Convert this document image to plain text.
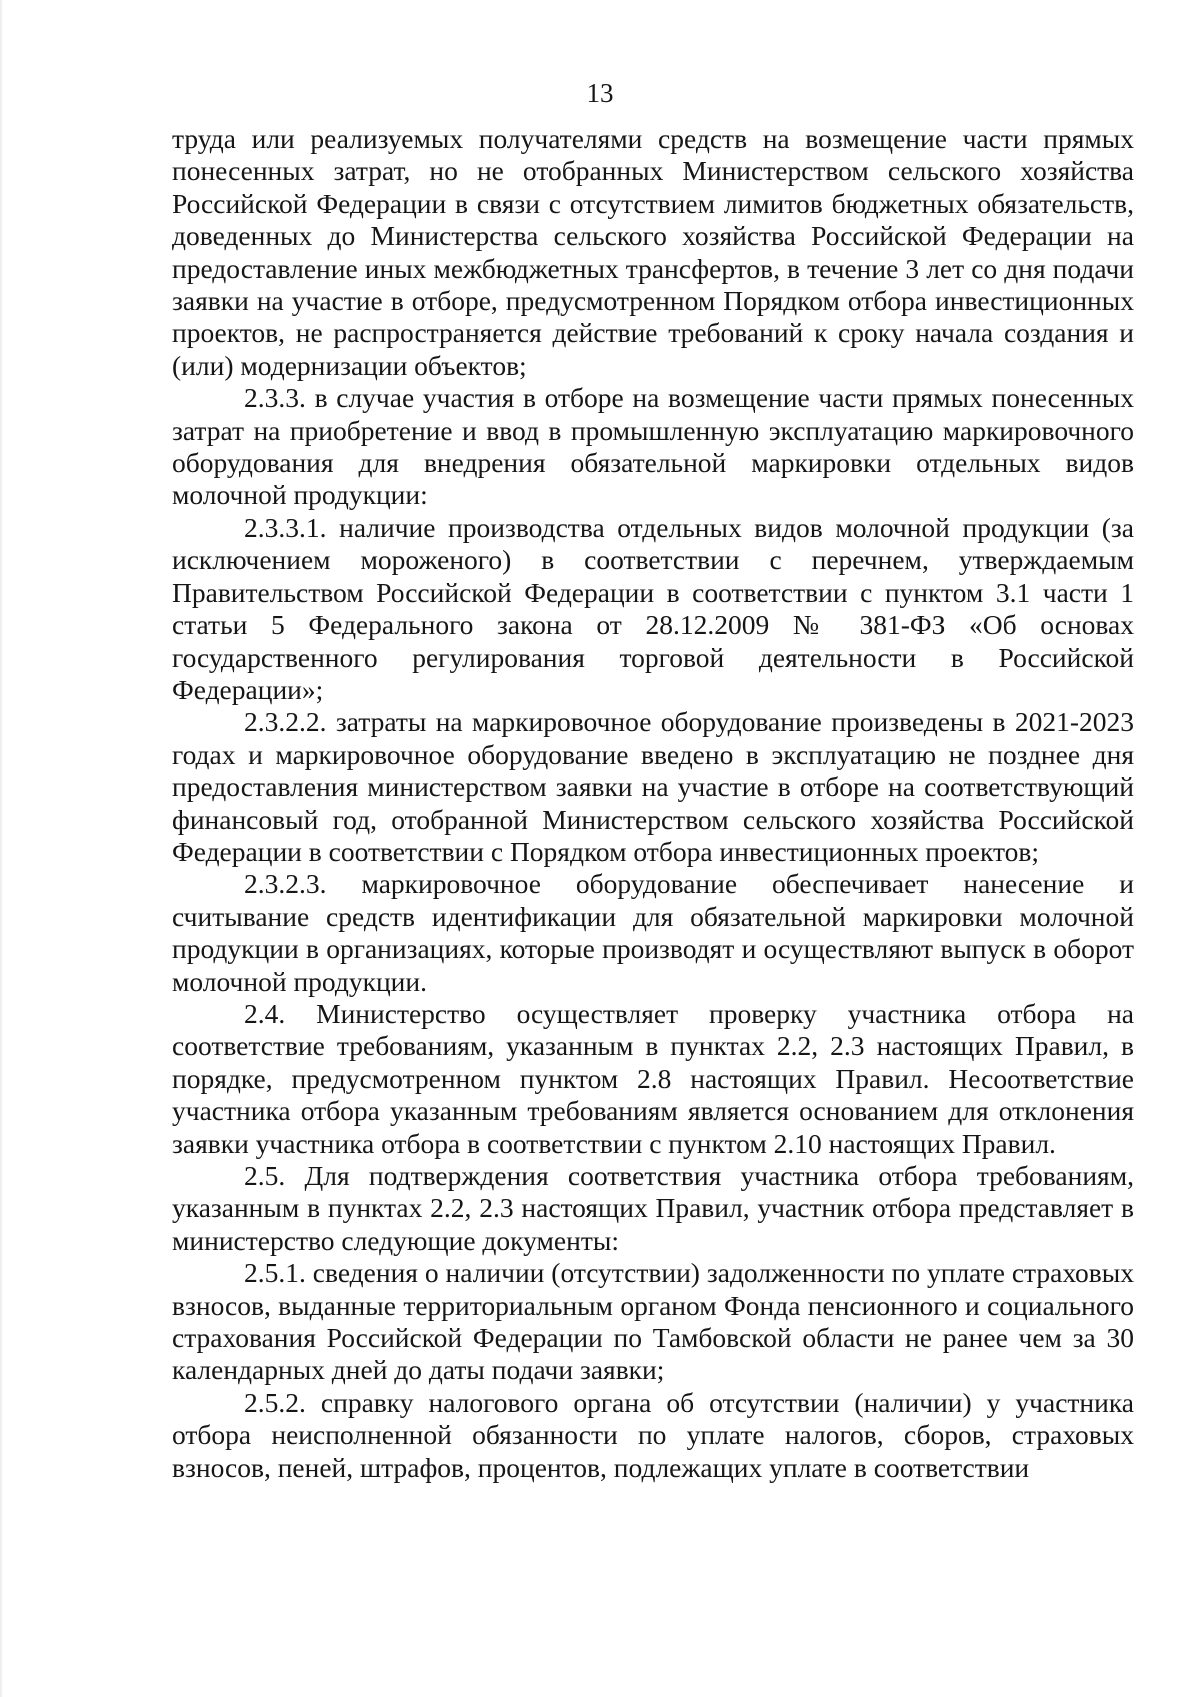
13

труда или реализуемых получателями средств на возмещение части прямых понесенных затрат, но не отобранных Министерством сельского хозяйства Российской Федерации в связи с отсутствием лимитов бюджетных обязательств, доведенных до Министерства сельского хозяйства Российской Федерации на предоставление иных межбюджетных трансфертов, в течение 3 лет со дня подачи заявки на участие в отборе, предусмотренном Порядком отбора инвестиционных проектов, не распространяется действие требований к сроку начала создания и (или) модернизации объектов;

2.3.3. в случае участия в отборе на возмещение части прямых понесенных затрат на приобретение и ввод в промышленную эксплуатацию маркировочного оборудования для внедрения обязательной маркировки отдельных видов молочной продукции:

2.3.3.1. наличие производства отдельных видов молочной продукции (за исключением мороженого) в соответствии с перечнем, утверждаемым Правительством Российской Федерации в соответствии с пунктом 3.1 части 1 статьи 5 Федерального закона от 28.12.2009 № 381-ФЗ «Об основах государственного регулирования торговой деятельности в Российской Федерации»;

2.3.2.2. затраты на маркировочное оборудование произведены в 2021-2023 годах и маркировочное оборудование введено в эксплуатацию не позднее дня предоставления министерством заявки на участие в отборе на соответствующий финансовый год, отобранной Министерством сельского хозяйства Российской Федерации в соответствии с Порядком отбора инвестиционных проектов;

2.3.2.3. маркировочное оборудование обеспечивает нанесение и считывание средств идентификации для обязательной маркировки молочной продукции в организациях, которые производят и осуществляют выпуск в оборот молочной продукции.

2.4. Министерство осуществляет проверку участника отбора на соответствие требованиям, указанным в пунктах 2.2, 2.3 настоящих Правил, в порядке, предусмотренном пунктом 2.8 настоящих Правил. Несоответствие участника отбора указанным требованиям является основанием для отклонения заявки участника отбора в соответствии с пунктом 2.10 настоящих Правил.

2.5. Для подтверждения соответствия участника отбора требованиям, указанным в пунктах 2.2, 2.3 настоящих Правил, участник отбора представляет в министерство следующие документы:

2.5.1. сведения о наличии (отсутствии) задолженности по уплате страховых взносов, выданные территориальным органом Фонда пенсионного и социального страхования Российской Федерации по Тамбовской области не ранее чем за 30 календарных дней до даты подачи заявки;

2.5.2. справку налогового органа об отсутствии (наличии) у участника отбора неисполненной обязанности по уплате налогов, сборов, страховых взносов, пеней, штрафов, процентов, подлежащих уплате в соответствии
